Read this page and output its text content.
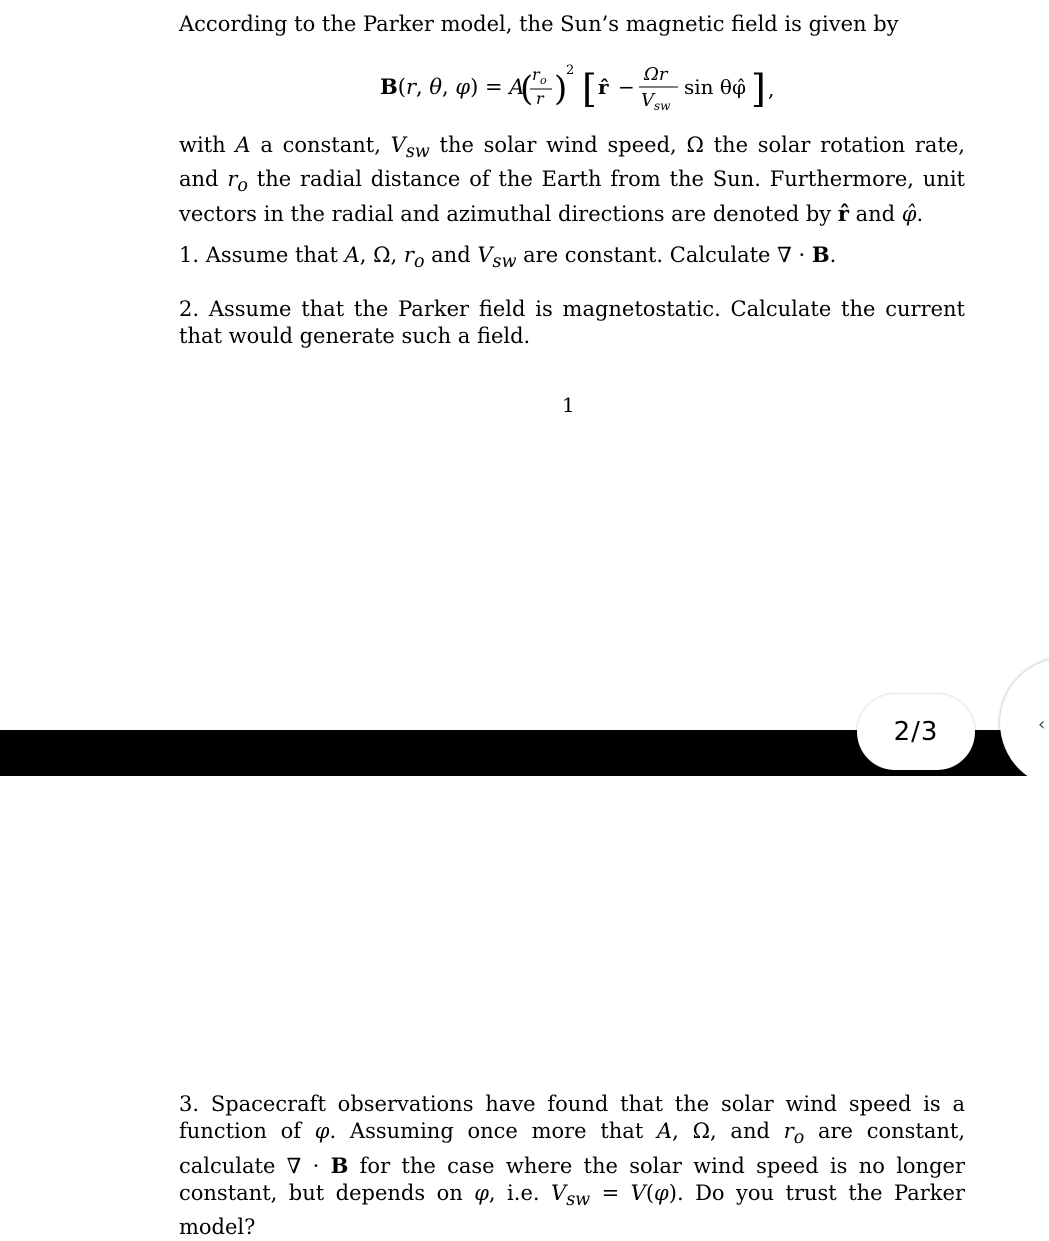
According to the Parker model, the Sun’s magnetic field is given by

B(r, θ, φ) = A
(
r o
r )
2 [ r̂ −
Ωr
V sw
sin θφ̂ ] ,

with A a constant, $V_{sw}$ the solar wind speed, Ω the solar rotation rate, and $r_o$ the radial distance of the Earth from the Sun. Furthermore, unit vectors in the radial and azimuthal directions are denoted by r̂ and φ̂.

1. Assume that A, Ω, $r_o$ and $V_{sw}$ are constant. Calculate ∇ · B.

2. Assume that the Parker field is magnetostatic. Calculate the current that would generate such a field.

1
2/3	‹

3. Spacecraft observations have found that the solar wind speed is a function of φ. Assuming once more that A, Ω, and $r_o$ are constant, calculate ∇ · B for the case where the solar wind speed is no longer constant, but depends on φ, i.e. $V_{sw} = V(\varphi)$. Do you trust the Parker model?
